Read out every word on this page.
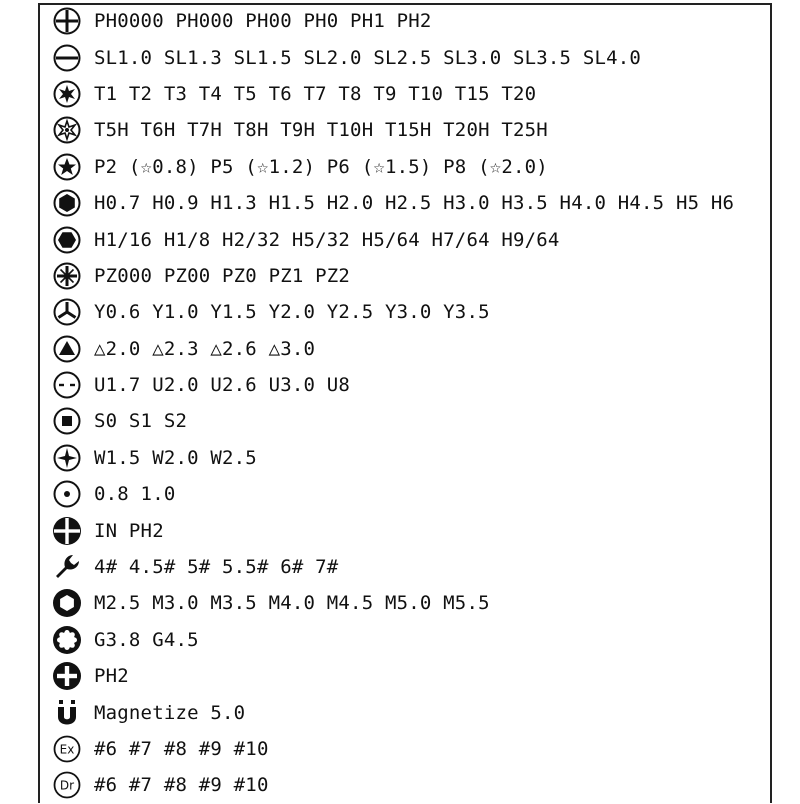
PH0000 PH000 PH00 PH0 PH1 PH2
SL1.0 SL1.3 SL1.5 SL2.0 SL2.5 SL3.0 SL3.5 SL4.0
T1 T2 T3 T4 T5 T6 T7 T8 T9 T10 T15 T20
T5H T6H T7H T8H T9H T10H T15H T20H T25H
P2 (☆0.8) P5 (☆1.2) P6 (☆1.5) P8 (☆2.0)
H0.7 H0.9 H1.3 H1.5 H2.0 H2.5 H3.0 H3.5 H4.0 H4.5 H5 H6
H1/16 H1/8 H2/32 H5/32 H5/64 H7/64 H9/64
PZ000 PZ00 PZ0 PZ1 PZ2
Y0.6 Y1.0 Y1.5 Y2.0 Y2.5 Y3.0 Y3.5
△2.0 △2.3 △2.6 △3.0
U1.7 U2.0 U2.6 U3.0 U8
S0 S1 S2
W1.5 W2.0 W2.5
0.8 1.0
IN PH2
4# 4.5# 5# 5.5# 6# 7#
M2.5 M3.0 M3.5 M4.0 M4.5 M5.0 M5.5
G3.8 G4.5
PH2
Magnetize 5.0
Ex #6 #7 #8 #9 #10
Dr #6 #7 #8 #9 #10
